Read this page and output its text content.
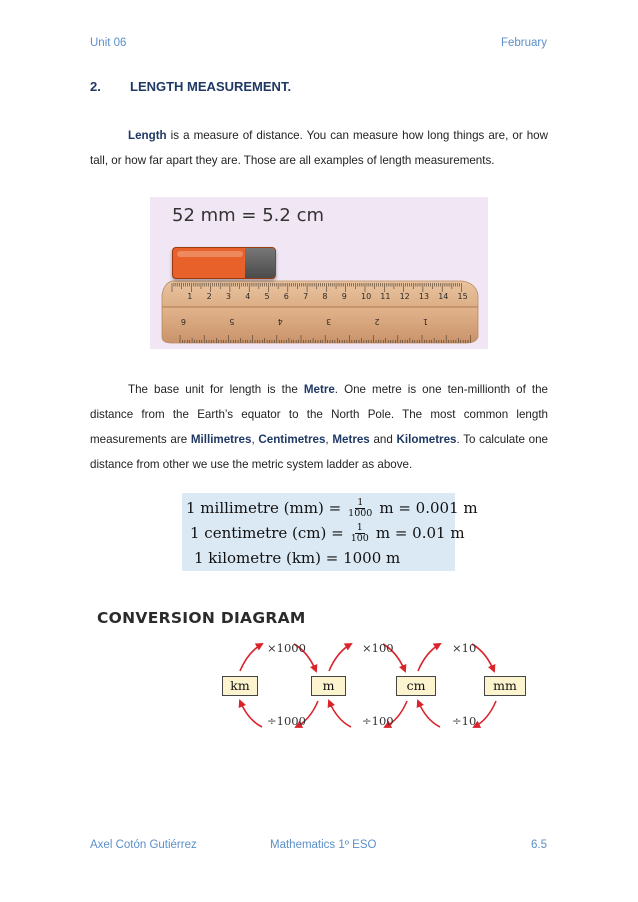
Unit 06	February
2. LENGTH MEASUREMENT.

Length is a measure of distance. You can measure how long things are, or how tall, or how far apart they are. Those are all examples of length measurements.

52 mm = 5.2 cm
1 2 3 4 5 6 7 8 9 10 11 12 13 14 15
6	5	4	3	2	1

The base unit for length is the Metre. One metre is one ten-millionth of the distance from the Earth’s equator to the North Pole. The most common length measurements are Millimetres, Centimetres, Metres and Kilometres. To calculate one distance from other we use the metric system ladder as above.

1 millimetre $(mm) = \frac{1}{1000}$ m = 0.001 m
1 centimetre $(cm) = \frac{1}{100}$ m = 0.01 m
1 kilometre (km) = 1000 m
CONVERSION DIAGRAM
km	m	cm	mm
×1000	×100	×10
÷1000	÷100	÷10
Axel Cotón Gutiérrez	Mathematics 1º ESO	6.5
